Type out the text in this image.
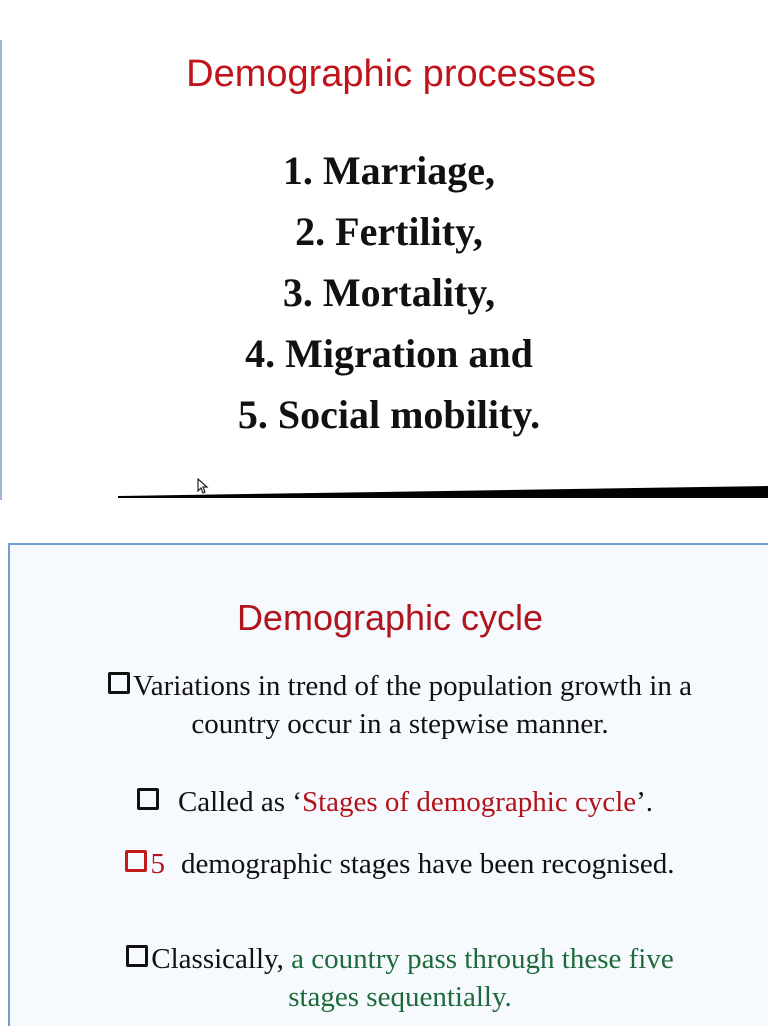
Demographic processes
1. Marriage,
2. Fertility,
3. Mortality,
4. Migration and
5. Social mobility.
Demographic cycle
Variations in trend of the population growth in a
country occur in a stepwise manner.
Called as ‘Stages of demographic cycle’.
5 demographic stages have been recognised.
Classically, a country pass through these five
stages sequentially.
